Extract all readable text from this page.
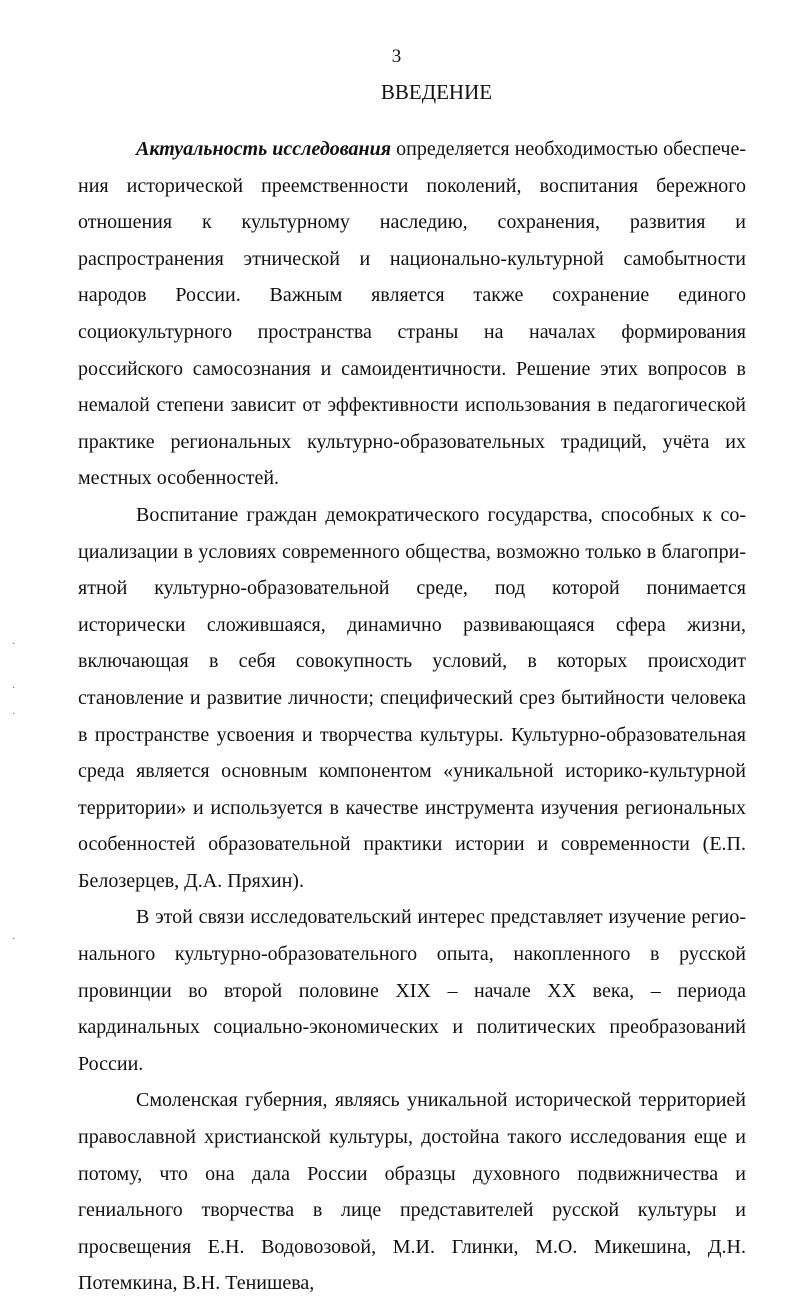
3
ВВЕДЕНИЕ

Актуальность исследования определяется необходимостью обеспечения исторической преемственности поколений, воспитания бережного отношения к культурному наследию, сохранения, развития и распространения этнической и национально-культурной самобытности народов России. Важным является также сохранение единого социокультурного пространства страны на началах формирования российского самосознания и самоидентичности. Решение этих вопросов в немалой степени зависит от эффективности использования в педагогической практике региональных культурно-образовательных традиций, учёта их местных особенностей.

Воспитание граждан демократического государства, способных к социализации в условиях современного общества, возможно только в благоприятной культурно-образовательной среде, под которой понимается исторически сложившаяся, динамично развивающаяся сфера жизни, включающая в себя совокупность условий, в которых происходит становление и развитие личности; специфический срез бытийности человека в пространстве усвоения и творчества культуры. Культурно-образовательная среда является основным компонентом «уникальной историко-культурной территории» и используется в качестве инструмента изучения региональных особенностей образовательной практики истории и современности (Е.П. Белозерцев, Д.А. Пряхин).

В этой связи исследовательский интерес представляет изучение регионального культурно-образовательного опыта, накопленного в русской провинции во второй половине XIX – начале XX века, – периода кардинальных социально-экономических и политических преобразований России.

Смоленская губерния, являясь уникальной исторической территорией православной христианской культуры, достойна такого исследования еще и потому, что она дала России образцы духовного подвижничества и гениального творчества в лице представителей русской культуры и просвещения Е.Н. Водовозовой, М.И. Глинки, М.О. Микешина, Д.Н. Потемкина, В.Н. Тенишева,

·
·
·
·
